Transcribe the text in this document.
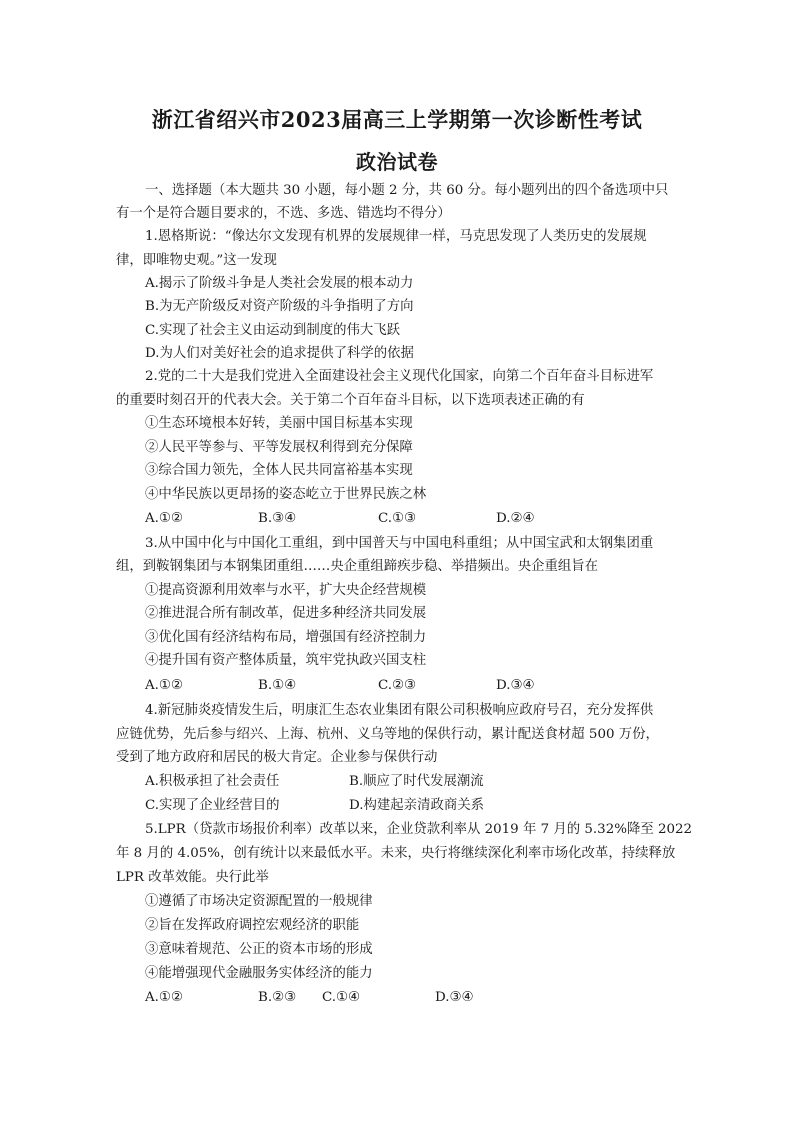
浙江省绍兴市2023届高三上学期第一次诊断性考试
政治试卷
一、选择题（本大题共 30 小题，每小题 2 分，共 60 分。每小题列出的四个备选项中只
有一个是符合题目要求的，不选、多选、错选均不得分）
1.恩格斯说：“像达尔文发现有机界的发展规律一样，马克思发现了人类历史的发展规
律，即唯物史观。”这一发现
A.揭示了阶级斗争是人类社会发展的根本动力
B.为无产阶级反对资产阶级的斗争指明了方向
C.实现了社会主义由运动到制度的伟大飞跃
D.为人们对美好社会的追求提供了科学的依据
2.党的二十大是我们党进入全面建设社会主义现代化国家，向第二个百年奋斗目标进军
的重要时刻召开的代表大会。关于第二个百年奋斗目标，以下选项表述正确的有
①生态环境根本好转，美丽中国目标基本实现
②人民平等参与、平等发展权利得到充分保障
③综合国力领先，全体人民共同富裕基本实现
④中华民族以更昂扬的姿态屹立于世界民族之林
A.①②	B.③④	C.①③	D.②④
3.从中国中化与中国化工重组，到中国普天与中国电科重组；从中国宝武和太钢集团重
组，到鞍钢集团与本钢集团重组……央企重组蹄疾步稳、举措频出。央企重组旨在
①提高资源利用效率与水平，扩大央企经营规模
②推进混合所有制改革，促进多种经济共同发展
③优化国有经济结构布局，增强国有经济控制力
④提升国有资产整体质量，筑牢党执政兴国支柱
A.①②	B.①④	C.②③	D.③④
4.新冠肺炎疫情发生后，明康汇生态农业集团有限公司积极响应政府号召，充分发挥供
应链优势，先后参与绍兴、上海、杭州、义乌等地的保供行动，累计配送食材超 500 万份，
受到了地方政府和居民的极大肯定。企业参与保供行动
A.积极承担了社会责任	B.顺应了时代发展潮流
C.实现了企业经营目的	D.构建起亲清政商关系
5.LPR（贷款市场报价利率）改革以来，企业贷款利率从 2019 年 7 月的 5.32%降至 2022
年 8 月的 4.05%，创有统计以来最低水平。未来，央行将继续深化利率市场化改革，持续释放
LPR 改革效能。央行此举
①遵循了市场决定资源配置的一般规律
②旨在发挥政府调控宏观经济的职能
③意味着规范、公正的资本市场的形成
④能增强现代金融服务实体经济的能力
A.①②	B.②③ C.①④	D.③④
